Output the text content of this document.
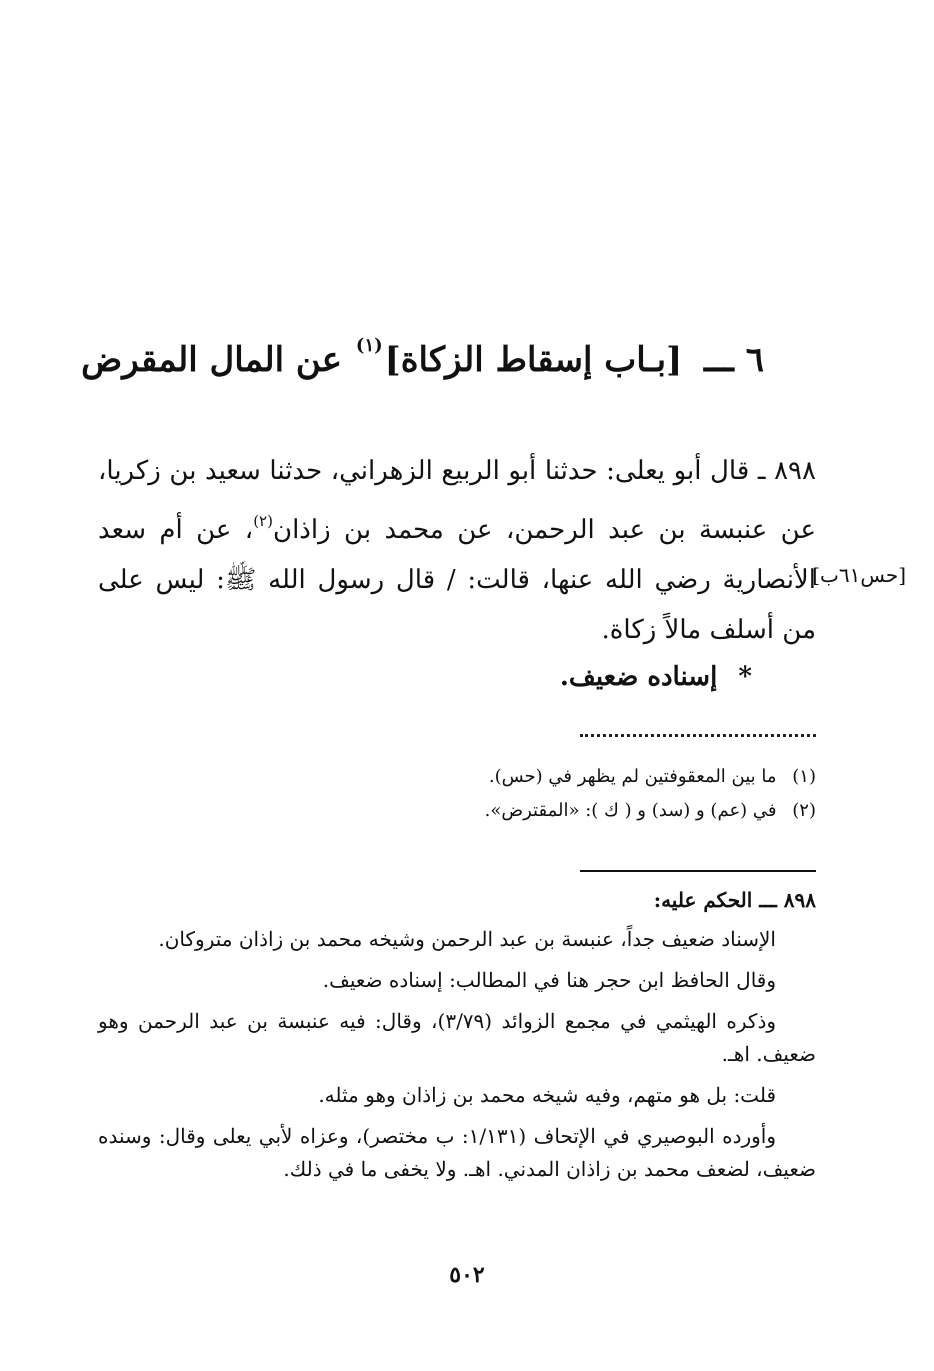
٦ ـــ [بـاب إسقاط الزكاة]$^{(١)}$ عن المال المقرض
٨٩٨ ـ قال أبو يعلى: حدثنا أبو الربيع الزهراني، حدثنا سعيد بن زكريا، عن عنبسة بن عبد الرحمن، عن محمد بن زاذان$^{(٢)}$، عن أم سعد الأنصارية رضي الله عنها، قالت: / قال رسول الله ﷺ: ليس على من أسلف مالاً زكاة.
[حس٦١ب]
* إسناده ضعيف.
(١) ما بين المعقوفتين لم يظهر في (حس).
(٢) في (عم) و (سد) و ( ك ): «المقترض».
٨٩٨ ـــ الحكم عليه:

الإسناد ضعيف جداً، عنبسة بن عبد الرحمن وشيخه محمد بن زاذان متروكان.

وقال الحافظ ابن حجر هنا في المطالب: إسناده ضعيف.

وذكره الهيثمي في مجمع الزوائد (٣/٧٩)، وقال: فيه عنبسة بن عبد الرحمن وهو ضعيف. اهـ.

قلت: بل هو متهم، وفيه شيخه محمد بن زاذان وهو مثله.

وأورده البوصيري في الإتحاف (١/١٣١: ب مختصر)، وعزاه لأبي يعلى وقال: وسنده ضعيف، لضعف محمد بن زاذان المدني. اهـ. ولا يخفى ما في ذلك.

٥٠٢
